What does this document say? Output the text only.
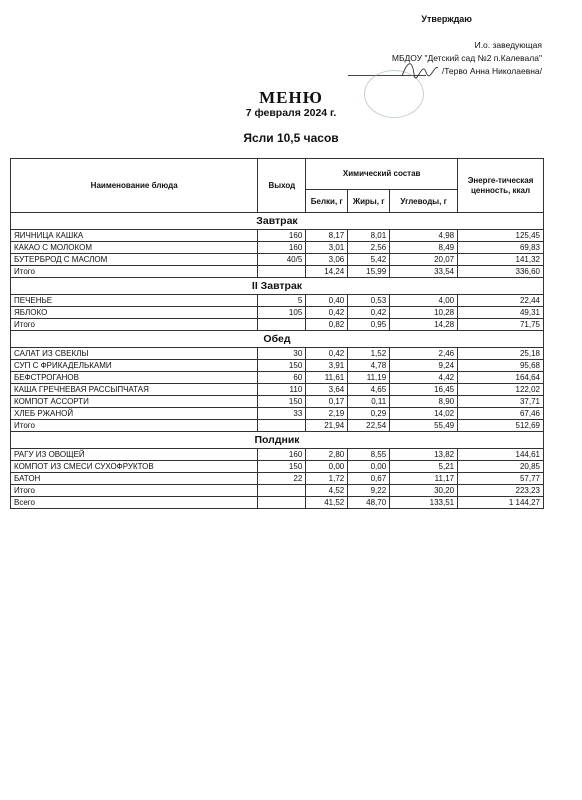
Утверждаю
И.о. заведующая
МБДОУ "Детский сад №2 п.Калевала"
/Терво Анна Николаевна/
МЕНЮ
7 февраля 2024 г.
Ясли 10,5 часов
Наименование блюда	Выход	Химический состав			Энерге-тическая ценность, ккал
		Белки, г	Жиры, г	Углеводы, г	
Завтрак					
ЯИЧНИЦА КАШКА	160	8,17	8,01	4,98	125,45
КАКАО С МОЛОКОМ	160	3,01	2,56	8,49	69,83
БУТЕРБРОД С МАСЛОМ	40/5	3,06	5,42	20,07	141,32
Итого		14,24	15,99	33,54	336,60
II Завтрак					
ПЕЧЕНЬЕ	5	0,40	0,53	4,00	22,44
ЯБЛОКО	105	0,42	0,42	10,28	49,31
Итого		0,82	0,95	14,28	71,75
Обед					
САЛАТ ИЗ СВЕКЛЫ	30	0,42	1,52	2,46	25,18
СУП С ФРИКАДЕЛЬКАМИ	150	3,91	4,78	9,24	95,68
БЕФСТРОГАНОВ	60	11,61	11,19	4,42	164,64
КАША ГРЕЧНЕВАЯ РАССЫПЧАТАЯ	110	3,64	4,65	16,45	122,02
КОМПОТ АССОРТИ	150	0,17	0,11	8,90	37,71
ХЛЕБ РЖАНОЙ	33	2,19	0,29	14,02	67,46
Итого		21,94	22,54	55,49	512,69
Полдник					
РАГУ ИЗ ОВОЩЕЙ	160	2,80	8,55	13,82	144,61
КОМПОТ ИЗ СМЕСИ СУХОФРУКТОВ	150	0,00	0,00	5,21	20,85
БАТОН	22	1,72	0,67	11,17	57,77
Итого		4,52	9,22	30,20	223,23
Всего		41,52	48,70	133,51	1 144,27
